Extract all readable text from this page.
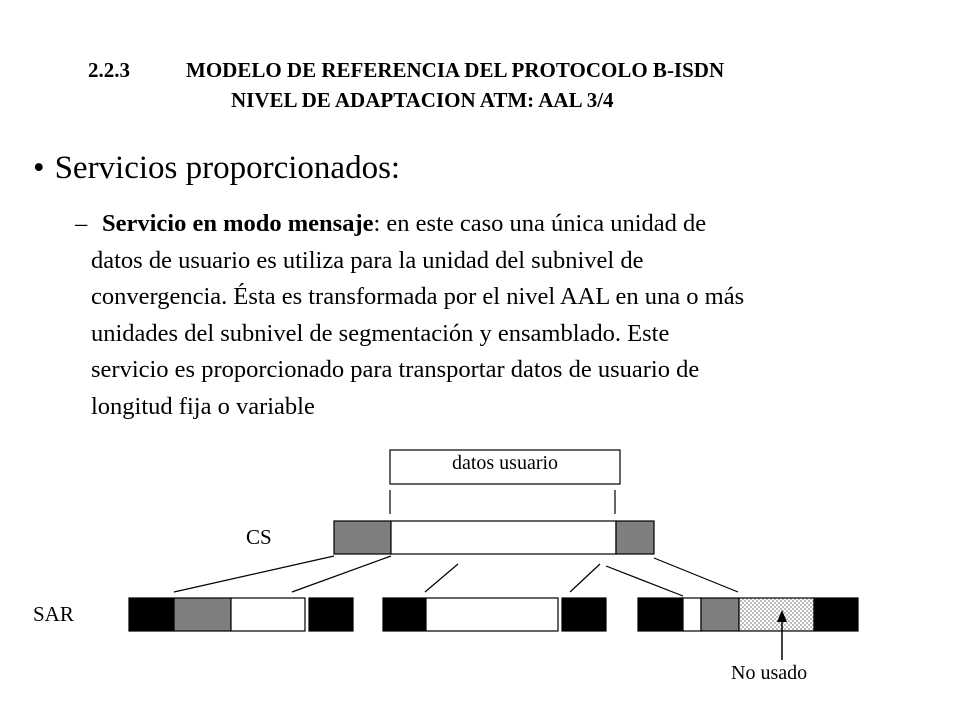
2.2.3	MODELO DE REFERENCIA DEL PROTOCOLO B-ISDN
NIVEL DE ADAPTACION ATM: AAL 3/4
• Servicios proporcionados:
– Servicio en modo mensaje: en este caso una única unidad de
datos de usuario es utiliza para la unidad del subnivel de
convergencia. Ésta es transformada por el nivel AAL en una o más
unidades del subnivel de segmentación y ensamblado. Este
servicio es proporcionado para transportar datos de usuario de
longitud fija o variable
datos usuario
CS
SAR
No usado
